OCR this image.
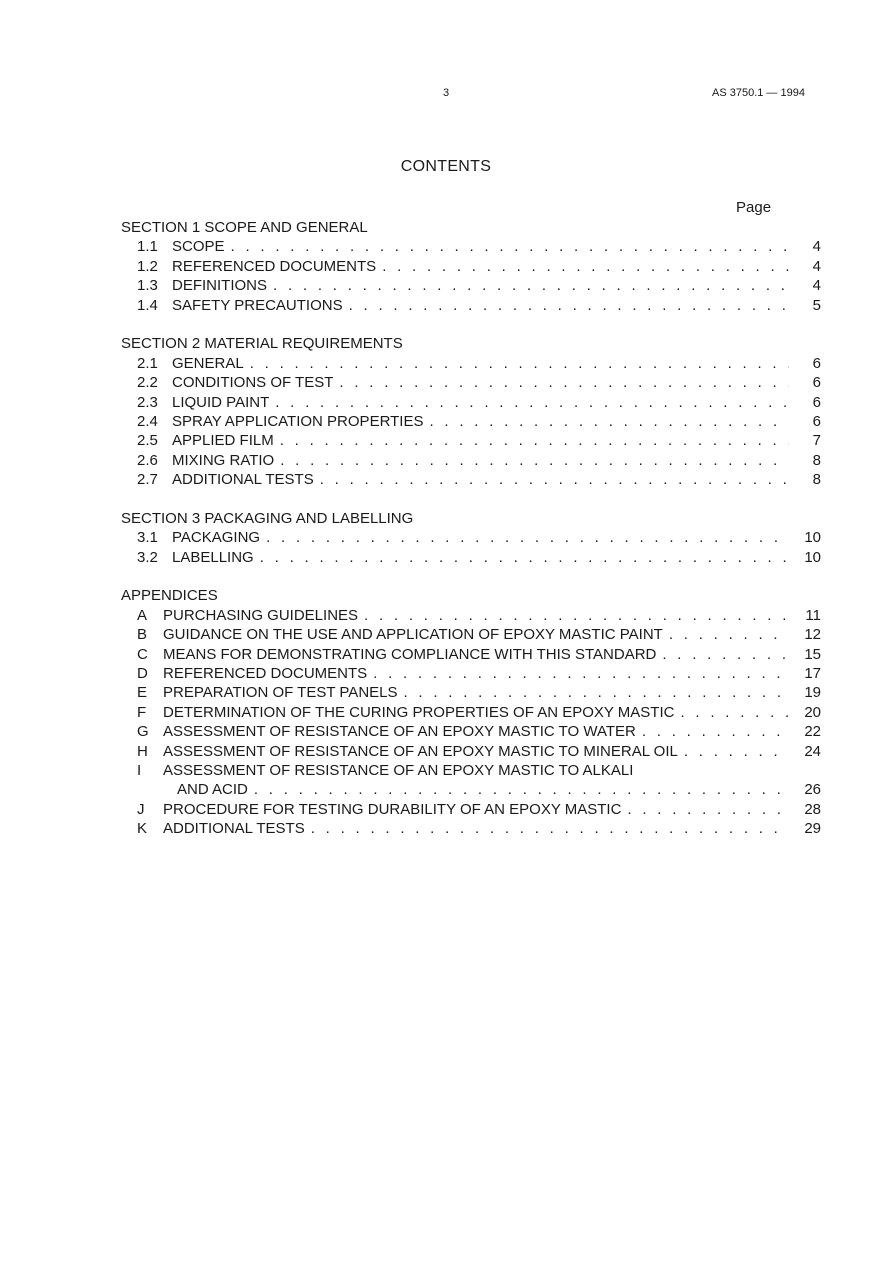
3	AS 3750.1 — 1994
CONTENTS
Page
SECTION 1 SCOPE AND GENERAL
1.1 SCOPE . . .	4
1.2 REFERENCED DOCUMENTS . . .	4
1.3 DEFINITIONS . . .	4
1.4 SAFETY PRECAUTIONS . . .	5
SECTION 2 MATERIAL REQUIREMENTS
2.1 GENERAL . . .	6
2.2 CONDITIONS OF TEST . . .	6
2.3 LIQUID PAINT . . .	6
2.4 SPRAY APPLICATION PROPERTIES . . .	6
2.5 APPLIED FILM . . .	7
2.6 MIXING RATIO . . .	8
2.7 ADDITIONAL TESTS . . .	8
SECTION 3 PACKAGING AND LABELLING
3.1 PACKAGING . . .	10
3.2 LABELLING . . .	10
APPENDICES
A PURCHASING GUIDELINES . . .	11
B GUIDANCE ON THE USE AND APPLICATION OF EPOXY MASTIC PAINT . . .	12
C MEANS FOR DEMONSTRATING COMPLIANCE WITH THIS STANDARD . . .	15
D REFERENCED DOCUMENTS . . .	17
E PREPARATION OF TEST PANELS . . .	19
F DETERMINATION OF THE CURING PROPERTIES OF AN EPOXY MASTIC . . .	20
G ASSESSMENT OF RESISTANCE OF AN EPOXY MASTIC TO WATER . . .	22
H ASSESSMENT OF RESISTANCE OF AN EPOXY MASTIC TO MINERAL OIL . . .	24
I ASSESSMENT OF RESISTANCE OF AN EPOXY MASTIC TO ALKALI
AND ACID . . .	26
J PROCEDURE FOR TESTING DURABILITY OF AN EPOXY MASTIC . . .	28
K ADDITIONAL TESTS . . .	29
